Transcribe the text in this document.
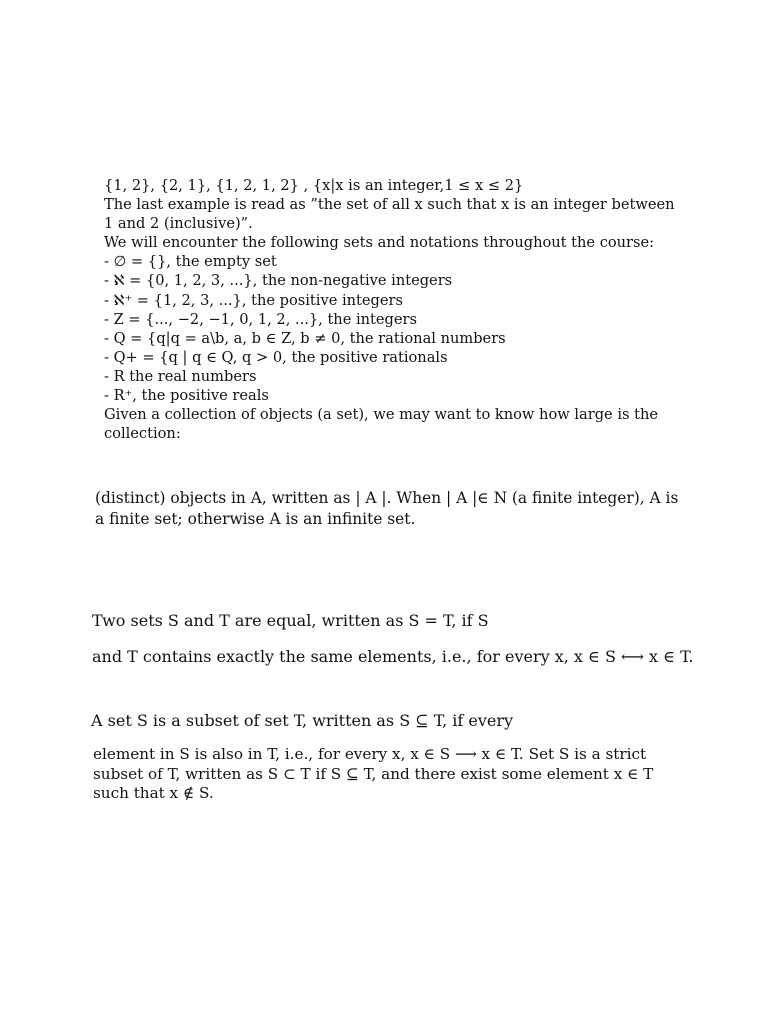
{1, 2}, {2, 1}, {1, 2, 1, 2} , {x|x is an integer,1 ≤ x ≤ 2}
The last example is read as ”the set of all x such that x is an integer between
1 and 2 (inclusive)”.
We will encounter the following sets and notations throughout the course:
- ∅ = {}, the empty set
- ℵ = {0, 1, 2, 3, ...}, the non-negative integers
- ℵ⁺ = {1, 2, 3, ...}, the positive integers
- Z = {..., −2, −1, 0, 1, 2, ...}, the integers
- Q = {q|q = a\b, a, b ∈ Z, b ≠ 0, the rational numbers
- Q+ = {q | q ∈ Q, q > 0, the positive rationals
- R the real numbers
- R⁺, the positive reals
Given a collection of objects (a set), we may want to know how large is the
collection:
(distinct) objects in A, written as | A |. When | A |∈ N (a finite integer), A is
a finite set; otherwise A is an infinite set.
Two sets S and T are equal, written as S = T, if S
and T contains exactly the same elements, i.e., for every x, x ∈ S ⟷ x ∈ T.
A set S is a subset of set T, written as S ⊆ T, if every
element in S is also in T, i.e., for every x, x ∈ S ⟶ x ∈ T. Set S is a strict
subset of T, written as S ⊂ T if S ⊆ T, and there exist some element x ∈ T
such that x ∉ S.
